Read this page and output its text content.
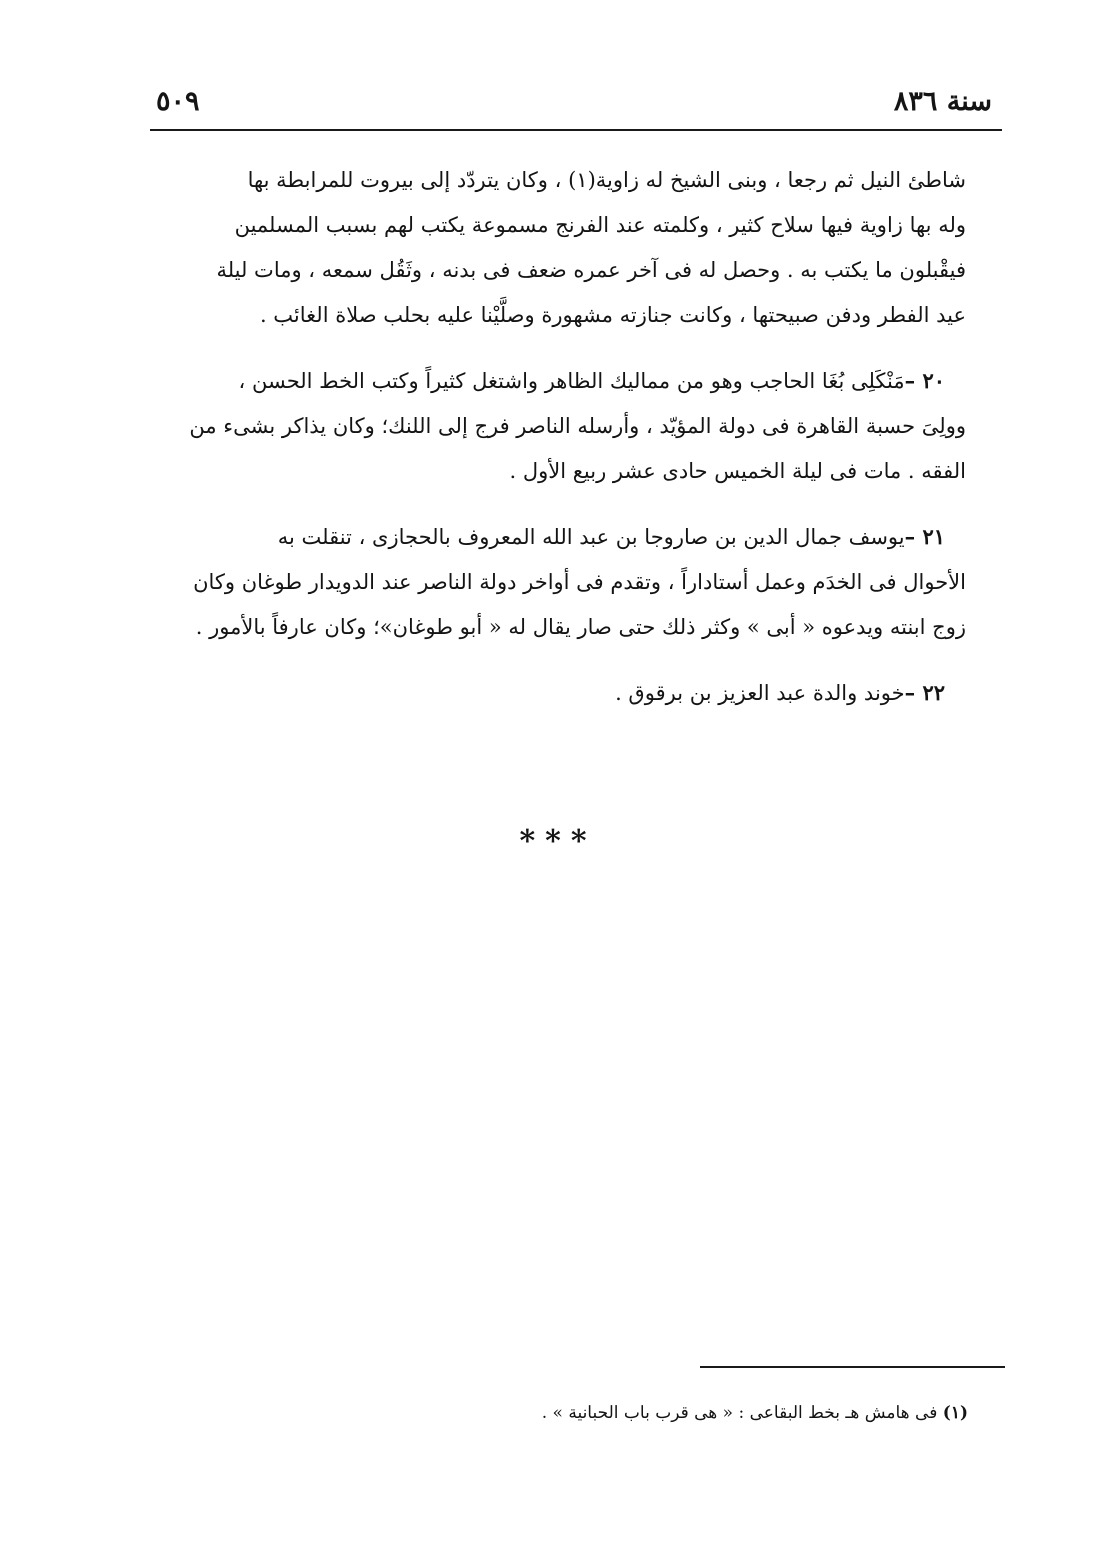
سنة ٨٣٦
٥٠٩

شاطئ النيل ثم رجعا ، وبنى الشيخ له زاوية(١) ، وكان يتردّد إلى بيروت للمرابطة بها
وله بها زاوية فيها سلاح كثير ، وكلمته عند الفرنج مسموعة يكتب لهم بسبب المسلمين
فيقْبلون ما يكتب به . وحصل له فى آخر عمره ضعف فى بدنه ، وثَقُل سمعه ، ومات ليلة
عيد الفطر ودفن صبيحتها ، وكانت جنازته مشهورة وصلَّيْنا عليه بحلب صلاة الغائب .

 ٢٠ –مَنْكَلِى بُغَا الحاجب وهو من مماليك الظاهر واشتغل كثيراً وكتب الخط الحسن ،
وولِىَ حسبة القاهرة فى دولة المؤيّد ، وأرسله الناصر فرج إلى اللنك؛ وكان يذاكر بشىء من
الفقه . مات فى ليلة الخميس حادى عشر ربيع الأول .

 ٢١ –يوسف جمال الدين بن صاروجا بن عبد الله المعروف بالحجازى ، تنقلت به
الأحوال فى الخدَم وعمل أستاداراً ، وتقدم فى أواخر دولة الناصر عند الدويدار طوغان وكان
زوج ابنته ويدعوه « أبى » وكثر ذلك حتى صار يقال له « أبو طوغان»؛ وكان عارفاً بالأمور .

 ٢٢ –خوند والدة عبد العزيز بن برقوق .

***
(١) فى هامش هـ بخط البقاعى : « هى قرب باب الحبانية » .
